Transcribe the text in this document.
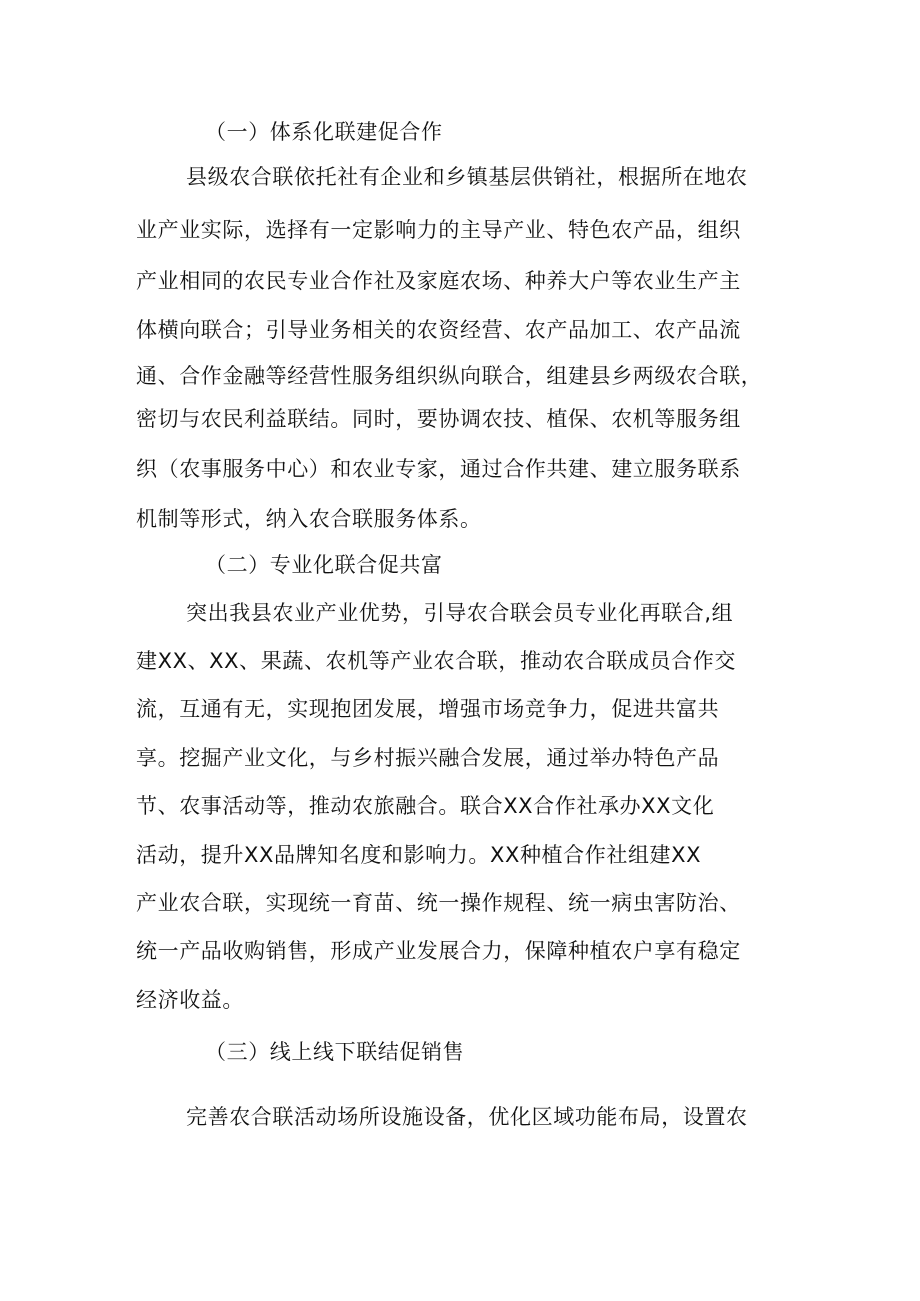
（一）体系化联建促合作
县级农合联依托社有企业和乡镇基层供销社，根据所在地农
业产业实际，选择有一定影响力的主导产业、特色农产品，组织
产业相同的农民专业合作社及家庭农场、种养大户等农业生产主
体横向联合；引导业务相关的农资经营、农产品加工、农产品流
通、合作金融等经营性服务组织纵向联合，组建县乡两级农合联，
密切与农民利益联结。同时，要协调农技、植保、农机等服务组
织（农事服务中心）和农业专家，通过合作共建、建立服务联系
机制等形式，纳入农合联服务体系。
（二）专业化联合促共富
突出我县农业产业优势，引导农合联会员专业化再联合,组
建XX、XX、果蔬、农机等产业农合联，推动农合联成员合作交
流，互通有无，实现抱团发展，增强市场竞争力，促进共富共
享。挖掘产业文化，与乡村振兴融合发展，通过举办特色产品
节、农事活动等，推动农旅融合。联合XX合作社承办XX文化
活动，提升XX品牌知名度和影响力。XX种植合作社组建XX
产业农合联，实现统一育苗、统一操作规程、统一病虫害防治、
统一产品收购销售，形成产业发展合力，保障种植农户享有稳定
经济收益。
（三）线上线下联结促销售
完善农合联活动场所设施设备，优化区域功能布局，设置农
